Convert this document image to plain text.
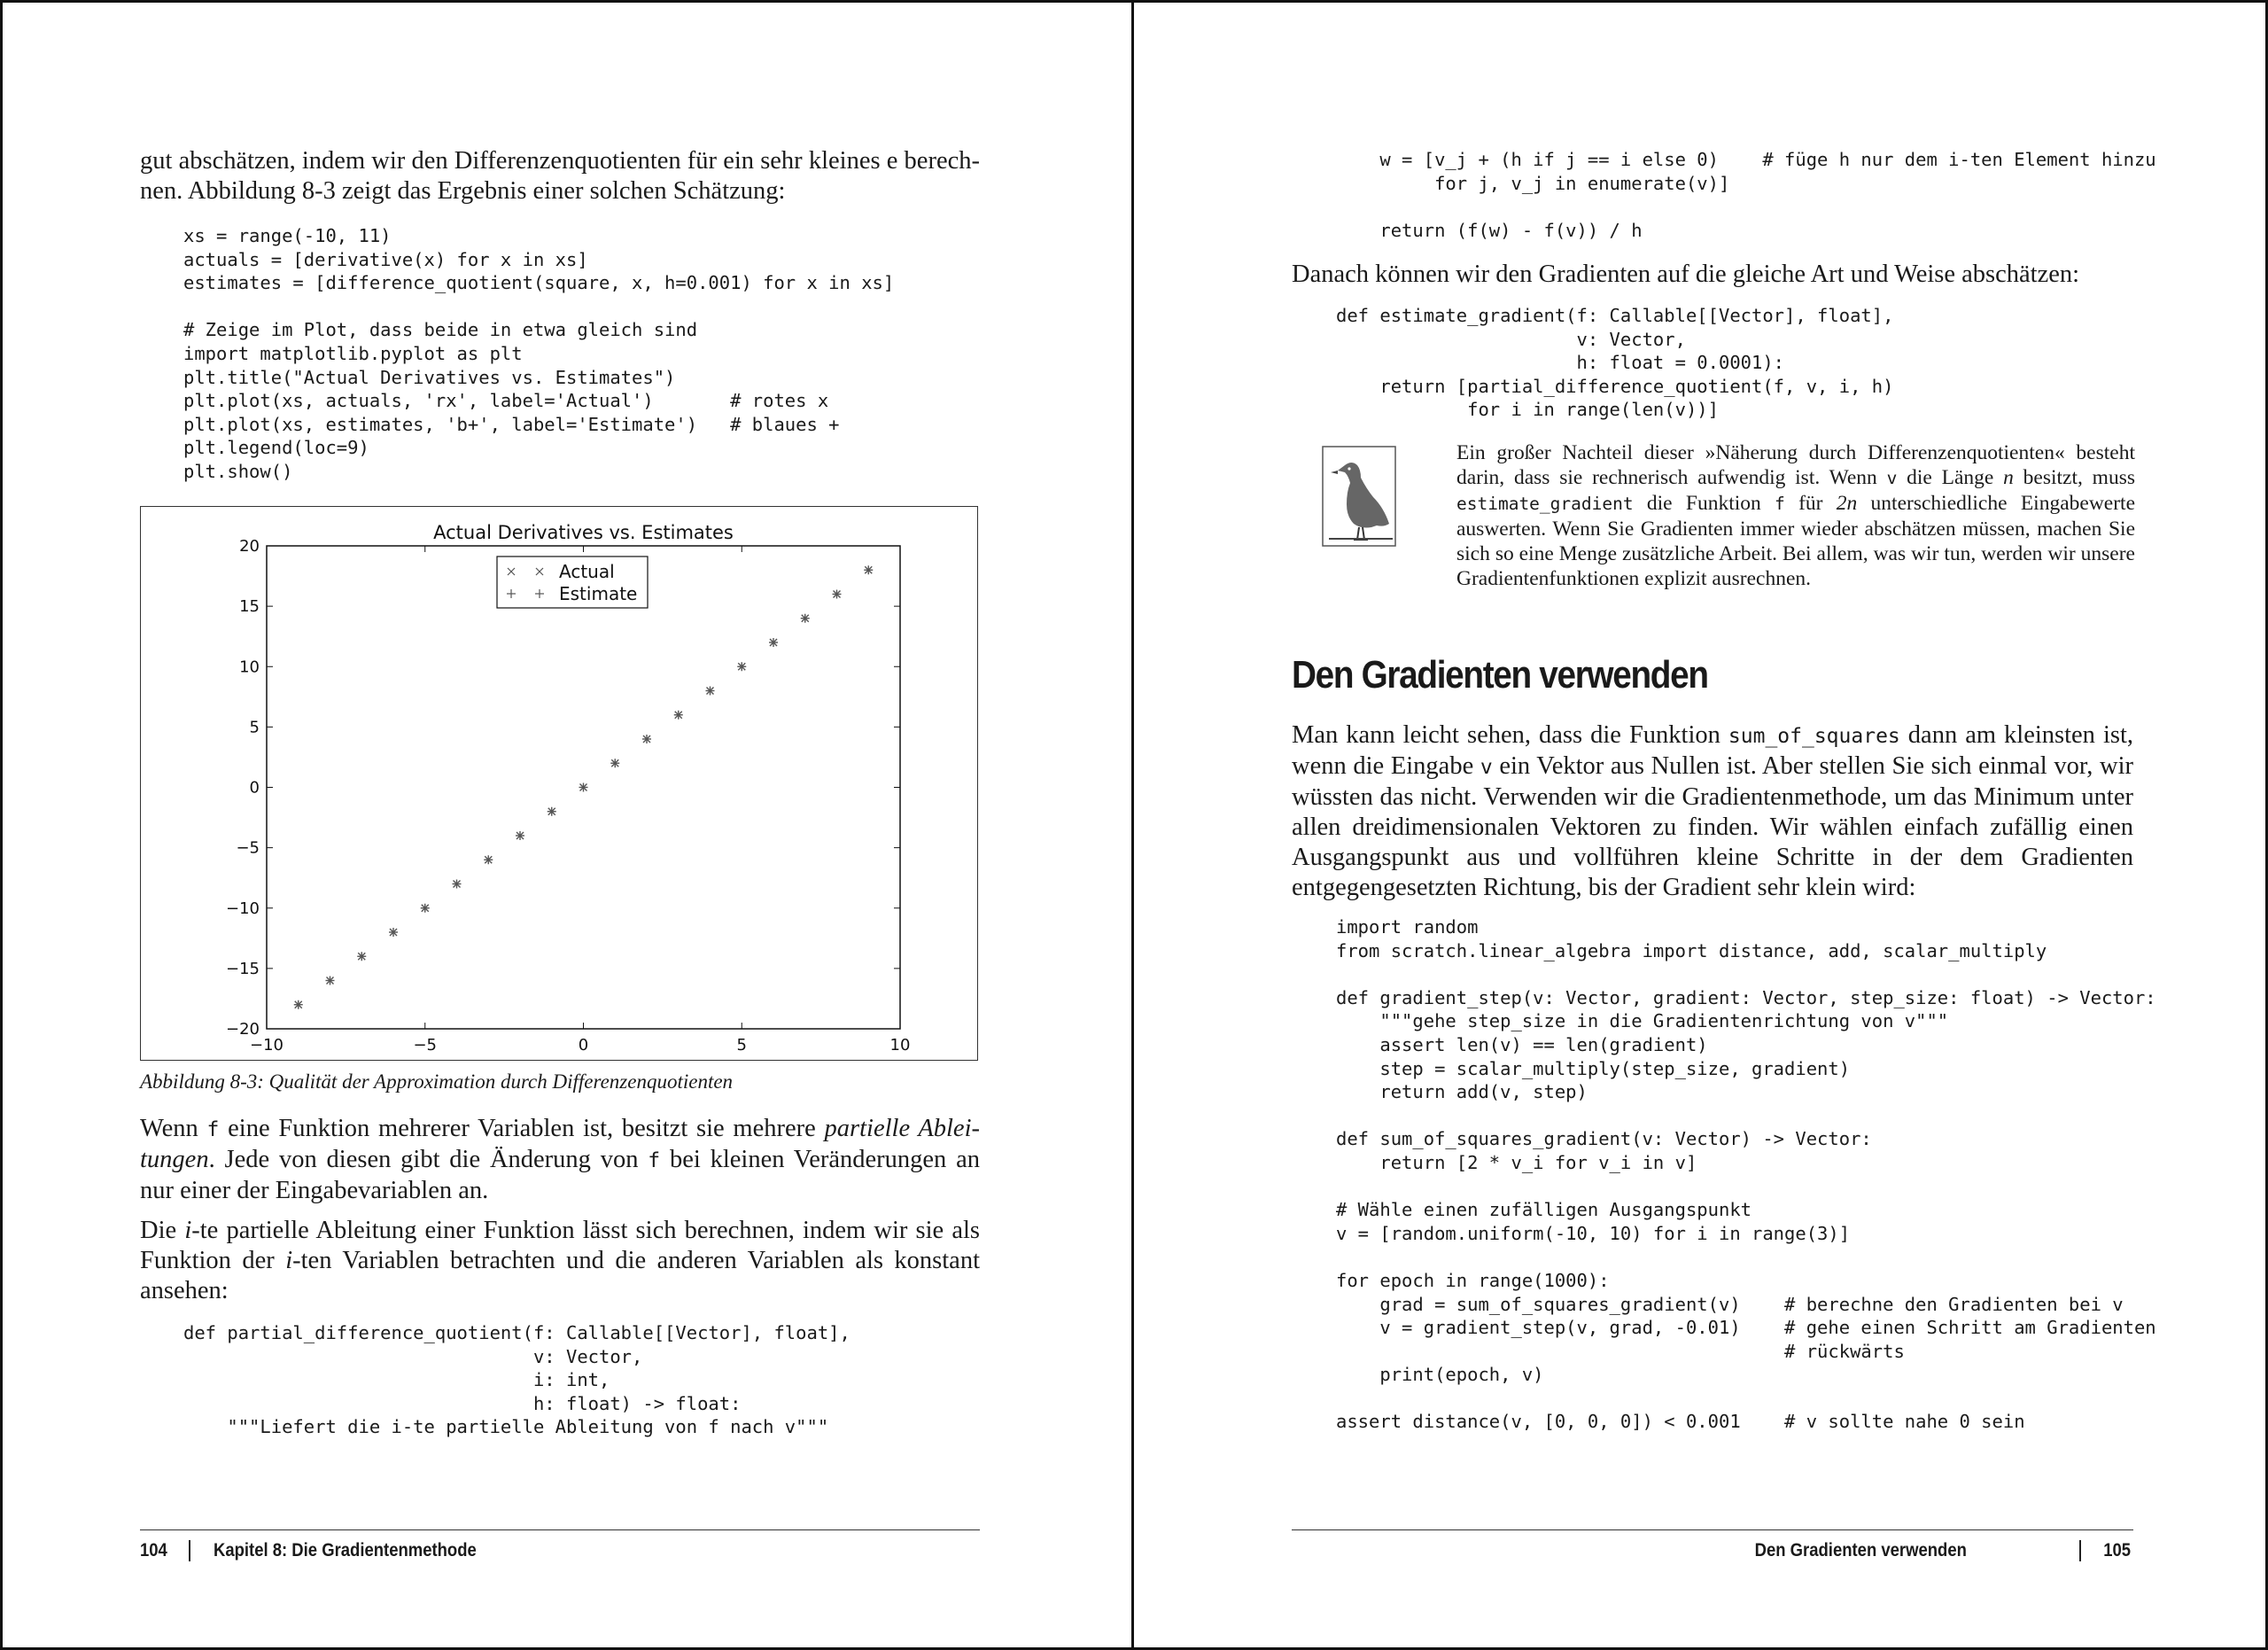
gut abschätzen, indem wir den Differenzenquotienten für ein sehr kleines e berechnen. Abbildung 8-3 zeigt das Ergebnis einer solchen Schätzung:

xs = range(-10, 11)
actuals = [derivative(x) for x in xs]
estimates = [difference_quotient(square, x, h=0.001) for x in xs]

# Zeige im Plot, dass beide in etwa gleich sind
import matplotlib.pyplot as plt
plt.title("Actual Derivatives vs. Estimates")
plt.plot(xs, actuals, 'rx', label='Actual')       # rotes x
plt.plot(xs, estimates, 'b+', label='Estimate')   # blaues +
plt.legend(loc=9)
plt.show()
Actual Derivatives vs. Estimates
−10	−5	0	5	10
−20
−15
−10
−5
0
5
10
15
20
Actual
Estimate

Abbildung 8-3: Qualität der Approximation durch Differenzenquotienten

Wenn f eine Funktion mehrerer Variablen ist, besitzt sie mehrere partielle Ableitungen. Jede von diesen gibt die Änderung von f bei kleinen Veränderungen an nur einer der Eingabevariablen an.

Die i-te partielle Ableitung einer Funktion lässt sich berechnen, indem wir sie als Funktion der i-ten Variablen betrachten und die anderen Variablen als konstant ansehen:

def partial_difference_quotient(f: Callable[[Vector], float],
v: Vector,
i: int,
h: float) -> float:
"""Liefert die i-te partielle Ableitung von f nach v"""
104 Kapitel 8: Die Gradientenmethode
w = [v_j + (h if j == i else 0)    # füge h nur dem i-ten Element hinzu
for j, v_j in enumerate(v)]

return (f(w) - f(v)) / h

Danach können wir den Gradienten auf die gleiche Art und Weise abschätzen:

def estimate_gradient(f: Callable[[Vector], float],
v: Vector,
h: float = 0.0001):
return [partial_difference_quotient(f, v, i, h)
for i in range(len(v))]

Ein großer Nachteil dieser »Näherung durch Differenzenquotienten« besteht darin, dass sie rechnerisch aufwendig ist. Wenn v die Länge n besitzt, muss estimate_gradient die Funktion f für 2n unterschiedliche Eingabewerte auswerten. Wenn Sie Gradienten immer wieder abschätzen müssen, machen Sie sich so eine Menge zusätzliche Arbeit. Bei allem, was wir tun, werden wir unsere Gradientenfunktionen explizit ausrechnen.

Den Gradienten verwenden

Man kann leicht sehen, dass die Funktion sum_of_squares dann am kleinsten ist, wenn die Eingabe v ein Vektor aus Nullen ist. Aber stellen Sie sich einmal vor, wir wüssten das nicht. Verwenden wir die Gradientenmethode, um das Minimum unter allen dreidimensionalen Vektoren zu finden. Wir wählen einfach zufällig einen Ausgangspunkt aus und vollführen kleine Schritte in der dem Gradienten entgegengesetzten Richtung, bis der Gradient sehr klein wird:

import random
from scratch.linear_algebra import distance, add, scalar_multiply

def gradient_step(v: Vector, gradient: Vector, step_size: float) -> Vector:
"""gehe step_size in die Gradientenrichtung von v"""
assert len(v) == len(gradient)
step = scalar_multiply(step_size, gradient)
return add(v, step)

def sum_of_squares_gradient(v: Vector) -> Vector:
return [2 * v_i for v_i in v]

# Wähle einen zufälligen Ausgangspunkt
v = [random.uniform(-10, 10) for i in range(3)]

for epoch in range(1000):
grad = sum_of_squares_gradient(v)    # berechne den Gradienten bei v
v = gradient_step(v, grad, -0.01)    # gehe einen Schritt am Gradienten
# rückwärts
print(epoch, v)

assert distance(v, [0, 0, 0]) < 0.001    # v sollte nahe 0 sein
Den Gradienten verwenden	105
